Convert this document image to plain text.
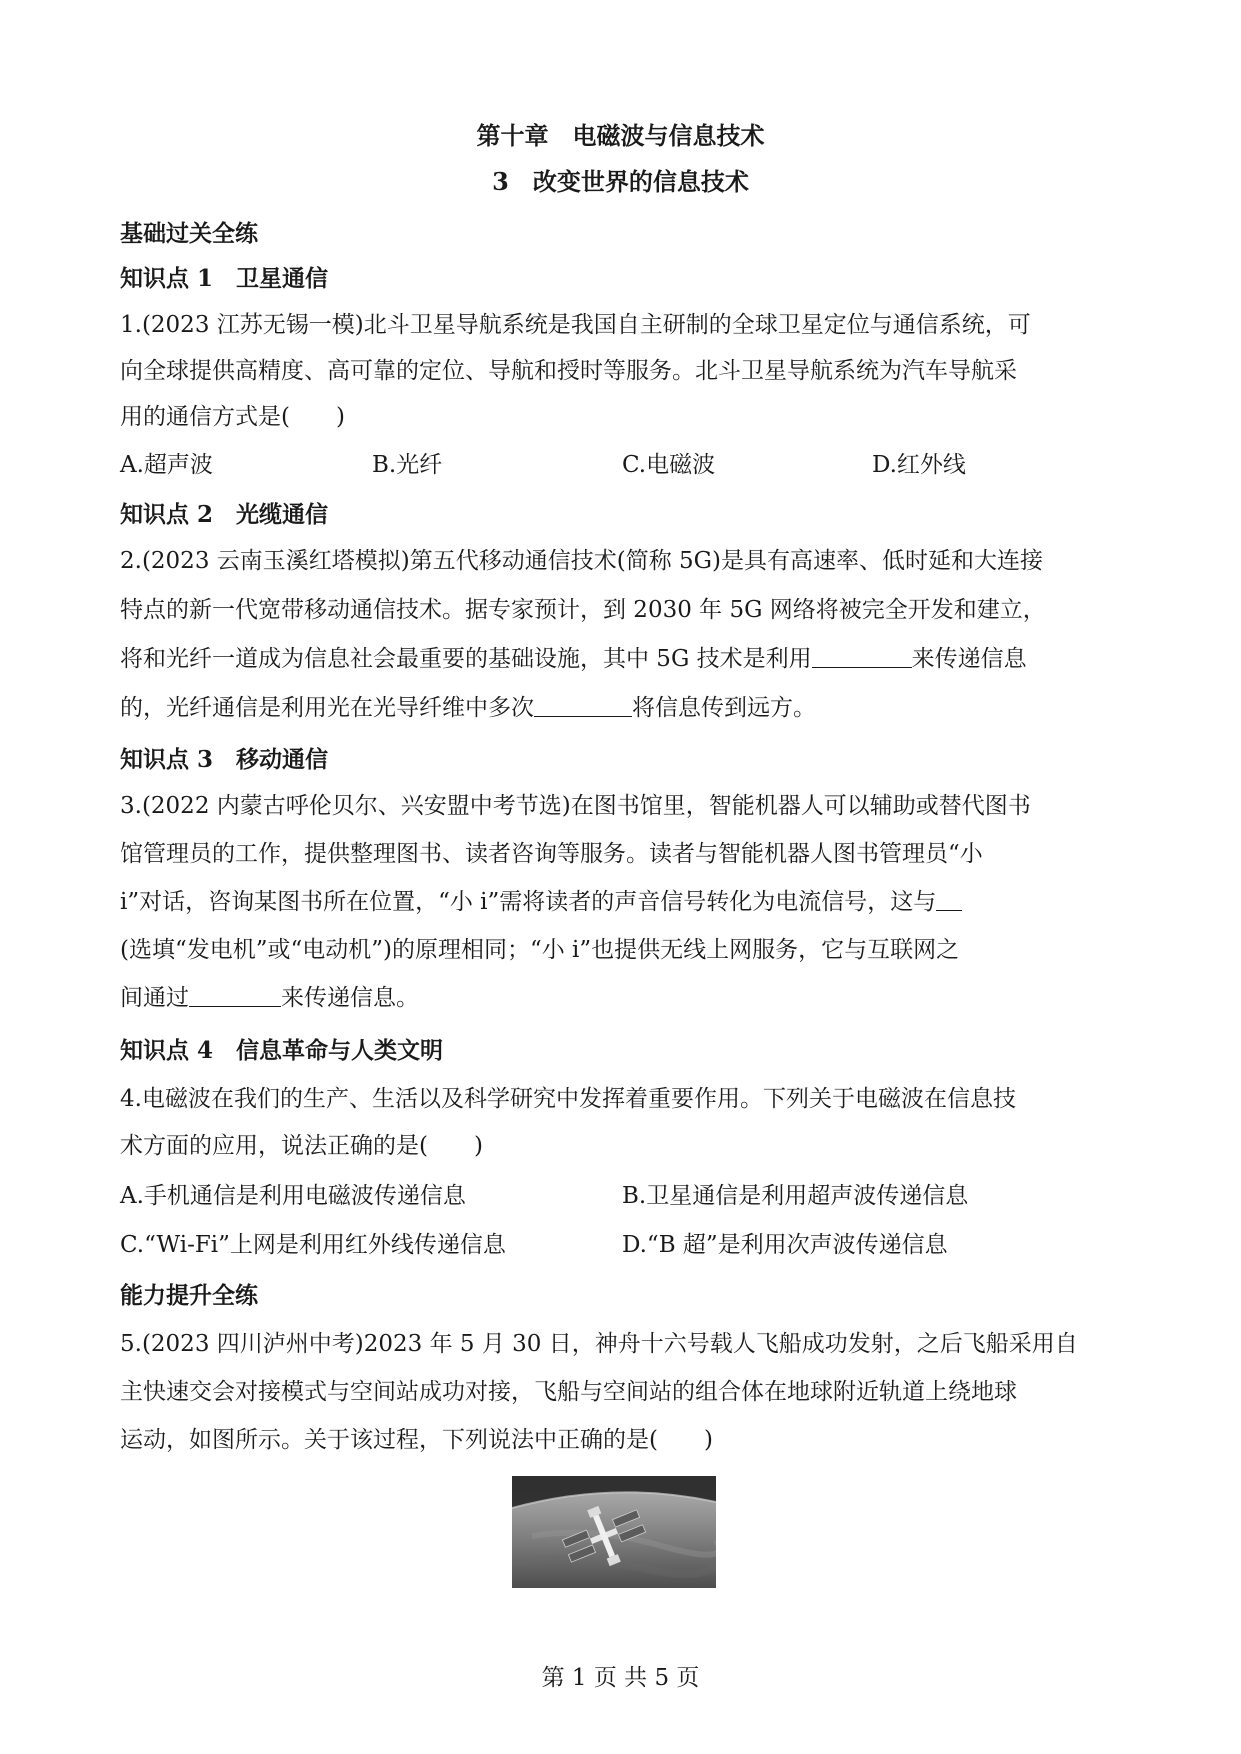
第十章　电磁波与信息技术
3　改变世界的信息技术
基础过关全练
知识点 1　卫星通信
1.(2023 江苏无锡一模)北斗卫星导航系统是我国自主研制的全球卫星定位与通信系统，可
向全球提供高精度、高可靠的定位、导航和授时等服务。北斗卫星导航系统为汽车导航采
用的通信方式是(　　)
A.超声波	B.光纤	C.电磁波	D.红外线
知识点 2　光缆通信
2.(2023 云南玉溪红塔模拟)第五代移动通信技术(简称 5G)是具有高速率、低时延和大连接
特点的新一代宽带移动通信技术。据专家预计，到 2030 年 5G 网络将被完全开发和建立，
将和光纤一道成为信息社会最重要的基础设施，其中 5G 技术是利用	来传递信息
的，光纤通信是利用光在光导纤维中多次	将信息传到远方。
知识点 3　移动通信
3.(2022 内蒙古呼伦贝尔、兴安盟中考节选)在图书馆里，智能机器人可以辅助或替代图书
馆管理员的工作，提供整理图书、读者咨询等服务。读者与智能机器人图书管理员“小
i”对话，咨询某图书所在位置，“小 i”需将读者的声音信号转化为电流信号，这与
(选填“发电机”或“电动机”)的原理相同；“小 i”也提供无线上网服务，它与互联网之
间通过	来传递信息。
知识点 4　信息革命与人类文明
4.电磁波在我们的生产、生活以及科学研究中发挥着重要作用。下列关于电磁波在信息技
术方面的应用，说法正确的是(　　)
A.手机通信是利用电磁波传递信息	B.卫星通信是利用超声波传递信息
C.“Wi-Fi”上网是利用红外线传递信息	D.“B 超”是利用次声波传递信息
能力提升全练
5.(2023 四川泸州中考)2023 年 5 月 30 日，神舟十六号载人飞船成功发射，之后飞船采用自
主快速交会对接模式与空间站成功对接，飞船与空间站的组合体在地球附近轨道上绕地球
运动，如图所示。关于该过程，下列说法中正确的是(　　)
第 1 页 共 5 页
